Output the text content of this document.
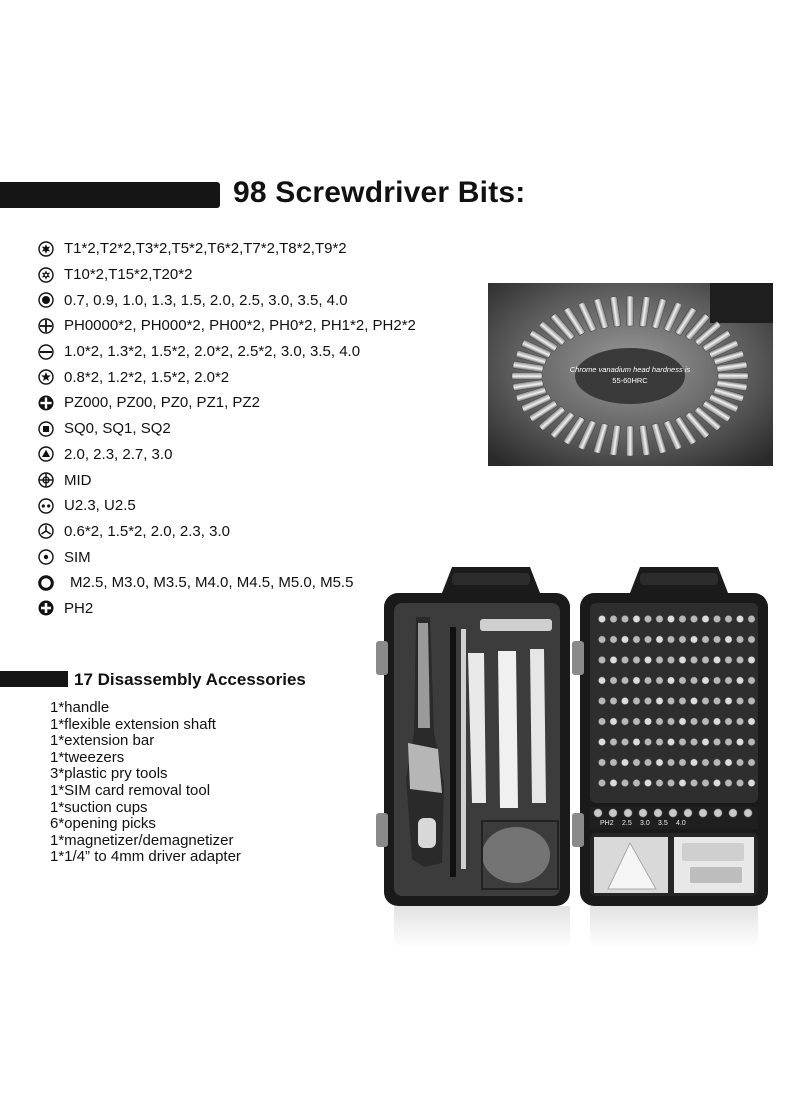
98 Screwdriver Bits:
T1*2,T2*2,T3*2,T5*2,T6*2,T7*2,T8*2,T9*2
T10*2,T15*2,T20*2
0.7, 0.9, 1.0, 1.3, 1.5, 2.0, 2.5, 3.0, 3.5, 4.0
PH0000*2, PH000*2, PH00*2, PH0*2, PH1*2, PH2*2
1.0*2, 1.3*2, 1.5*2, 2.0*2, 2.5*2, 3.0, 3.5, 4.0
0.8*2, 1.2*2, 1.5*2, 2.0*2
PZ000, PZ00, PZ0, PZ1, PZ2
SQ0, SQ1, SQ2
2.0, 2.3, 2.7, 3.0
MID
U2.3, U2.5
0.6*2, 1.5*2, 2.0, 2.3, 3.0
SIM
M2.5, M3.0, M3.5, M4.0, M4.5, M5.0, M5.5
PH2
17 Disassembly Accessories
1*handle
1*flexible extension shaft
1*extension bar
1*tweezers
3*plastic pry tools
1*SIM card removal tool
1*suction cups
6*opening picks
1*magnetizer/demagnetizer
1*1/4” to 4mm driver adapter
Chrome vanadium head hardness is
55-60HRC
PH2 2.5 3.0 3.5 4.0
